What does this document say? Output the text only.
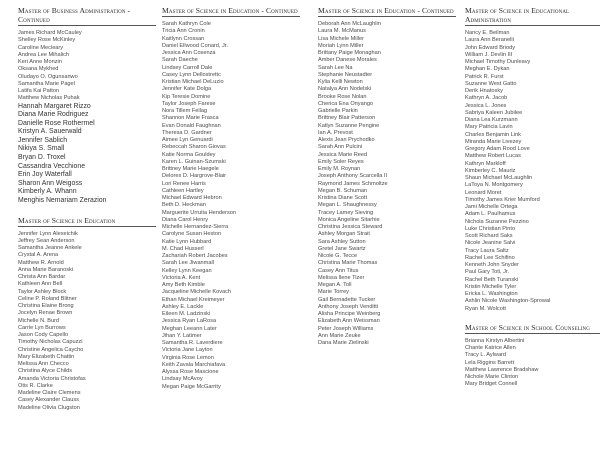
Master of Business Administration - Continued
James Richard McCauley
Shelley Rose McKinley
Caroline Mecleary
Andrea Lee Mihalich
Keri Anne Monzin
Oksana Mykhed
Oludayo O. Ogunsanwo
Samantha Marie Pagel
Latifa Kai Patton
Matthew Nicholas Puhak
Hannah Margaret Rizzo
Diana Marie Rodriguez
Danielle Rose Rothermel
Kristyn A. Sauerwald
Jennifer Sablich
Nikiya S. Small
Bryan D. Troxel
Cassandra Vecchione
Erin Joy Waterfall
Sharon Ann Weigoss
Kimberly A. Whann
Menghis Nemariam Zerazion
Master of Science in Education
Jennifer Lynn Alexeichik
Jeffrey Sean Anderson
Samantha Jeanne Ankele
Crystal A. Arena
Matthew R. Arnold
Anna Marie Baranoski
Christa Ann Bardar
Kathleen Ann Bell
Taylor Ashley Block
Celine P. Roland Blitner
Christina Elaine Brong
Jocelyn Renae Brown
Michelle N. Burd
Carrie Lyn Burrows
Jason Cody Capello
Timothy Nicholas Capuzzi
Christine Angelica Caycho
Mary Elizabeth Chattin
Melissa Ann Checco
Christina Alyce Childs
Amanda Victoria Christofas
Otis R. Clarke
Madeline Claire Clemens
Casey Alexander Clauss
Madeline Olivia Clugston
Master of Science in Education - Continued
Sarah Kathryn Cole
Tricia Ann Cronin
Kaitlynn Crossan
Daniel Ellwood Conard, Jr.
Jessica Ann Cosenza
Sarah Daeche
Lindsey Carroll Dale
Casey Lynn Dellostrettc
Kristian Michael DeLuzio
Jennifer Kate Dolga
Kip Teresie Domine
Taylor Joseph Farese
Nora Tillem Fellag
Shannon Marie Frasca
Evan Donald Faughnan
Theresa D. Gardner
Aimee Lyn Genuardi
Rebeccah Sharon Giovas
Katie Norma Gouldey
Karen L. Guinan-Szumski
Brittney Marie Haegele
Delores D. Hargrove-Blair
Lori Renee Harris
Cathleen Hartley
Michael Edward Hebron
Beth D. Heckman
Marguerite Urrutia Henderson
Diana Carol Henry
Michelle Hernandez-Sierra
Carolyne Susan Heston
Katie Lynn Hubbard
M. Chad Husserl
Zachariah Robert Jacobes
Sarah Lee Jiwanmall
Kelley Lynn Keegan
Victoria A. Kent
Amy Beth Kimble
Jacqueline Michelle Kovach
Ethan Michael Kreimeyer
Ashley E. Lackle
Eileen M. Ladzinski
Jessica Ryan LaRosa
Meghan Leeann Later
Jihan Y. Latimer
Samantha R. Laverdiere
Victoria Jane Layton
Virginia Rose Lemon
Keith Zavala Marchiafava
Alyssa Rose Mascione
Lindsay McAvoy
Megan Paige McGarrity
Master of Science in Education - Continued
Deborah Ann McLaughlin
Laura M. McManus
Lisa Michele Miller
Moriah Lynn Miller
Brittany Paige Monaghan
Amber Danese Morales
Sarah Lee Na
Stephanie Neustadter
Kylia Kelli Newton
Natalya Ann Nodelski
Brooke Rose Nolan
Cherica Ena Onyango
Gabrielle Parkin
Brittney Blair Patterson
Katlyn Suzanne Pengine
Ian A. Prevost
Alexis Jean Prychodko
Sarah Ann Pulcini
Jessica Marie Reed
Emily Soler Reyes
Emily M. Roynan
Joseph Anthony Scarcella II
Raymond James Schmoltze
Megan B. Schuman
Kristina Diane Scott
Megan L. Shaughnessy
Tracey Lamey Sieving
Monica Angeline Sitarhie
Christina Jessica Steward
Ashley Morgan Strait
Sara Ashley Sutton
Gretel Jane Swartz
Nicole G. Tecce
Christina Marie Thomas
Casey Ann Titus
Melissa Ilene Tizer
Megan A. Toll
Marie Torrey
Gail Bernadette Tucker
Anthony Joseph Venditti
Alisha Principe Weinberg
Elizabeth Ann Weissman
Peter Joseph Williams
Ann Marie Zeuke
Dana Marie Zielinski
Master of Science in Educational Administration
Nancy E. Beilman
Laura Ann Beranelli
John Edward Briody
William J. Devlin III
Michael Timothy Dunleavy
Meghan E. Dykan
Patrick R. Furst
Suzanne West Gatto
Derik Hnatosky
Kathryn A. Jacob
Jessica L. Jones
Sabriya Kaleen Jubilee
Diana Lea Kurzmann
Mary Patricia Lavin
Charles Benjamin Link
Miranda Marie Livezey
Gregory Adam Rood Love
Matthew Robert Lucas
Kathryn Markloff
Kimberley C. Mauriz
Shaun Michael McLaughlin
LaToya N. Montgomery
Leonard Moret
Timothy James Krier Mumford
Jami Michelle Ortega
Adam L. Paulhamus
Nichola Suzanne Pezzino
Luke Christian Pinto
Scott Richard Saks
Nicole Jeanine Salvi
Tracy Laura Saltz
Rachel Lee Schifino
Kenneth John Snyder
Paul Gary Toti, Jr.
Rachel Beth Turanski
Kristin Michelle Tyler
Ericka L. Washington
Ashlin Nicole Washington-Sprowal
Ryan M. Wolcott
Master of Science in School Counseling
Brianna Kirstyn Albertini
Chante Katrice Allen
Tracy L. Aylward
Lela Riggins Barrett
Matthew Lawrence Bradshaw
Nichole Marie Clinton
Mary Bridget Connell
